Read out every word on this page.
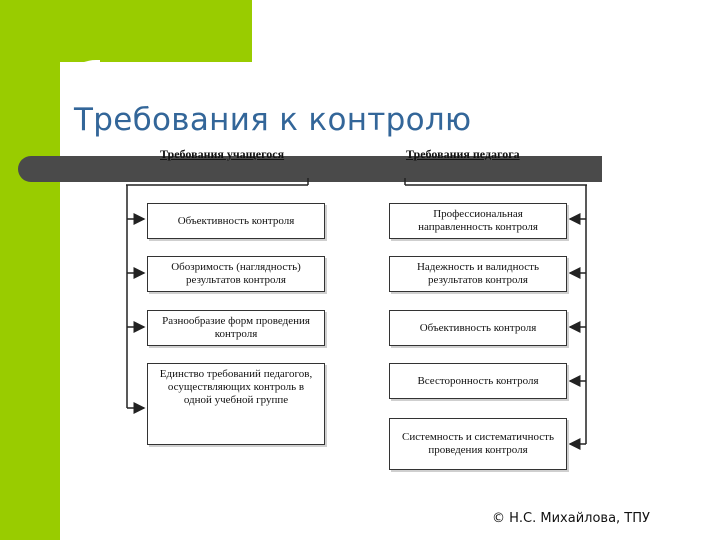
Требования к контролю
Требования учащегося	Требования педагога
Объективность контроля
Обозримость (наглядность) результатов контроля
Разнообразие форм проведения контроля
Единство требований педагогов, осуществляющих контроль в одной учебной группе
Профессиональная направленность контроля
Надежность и валидность результатов контроля
Объективность контроля
Всесторонность контроля
Системность и систематичность проведения контроля
© Н.С. Михайлова, ТПУ
